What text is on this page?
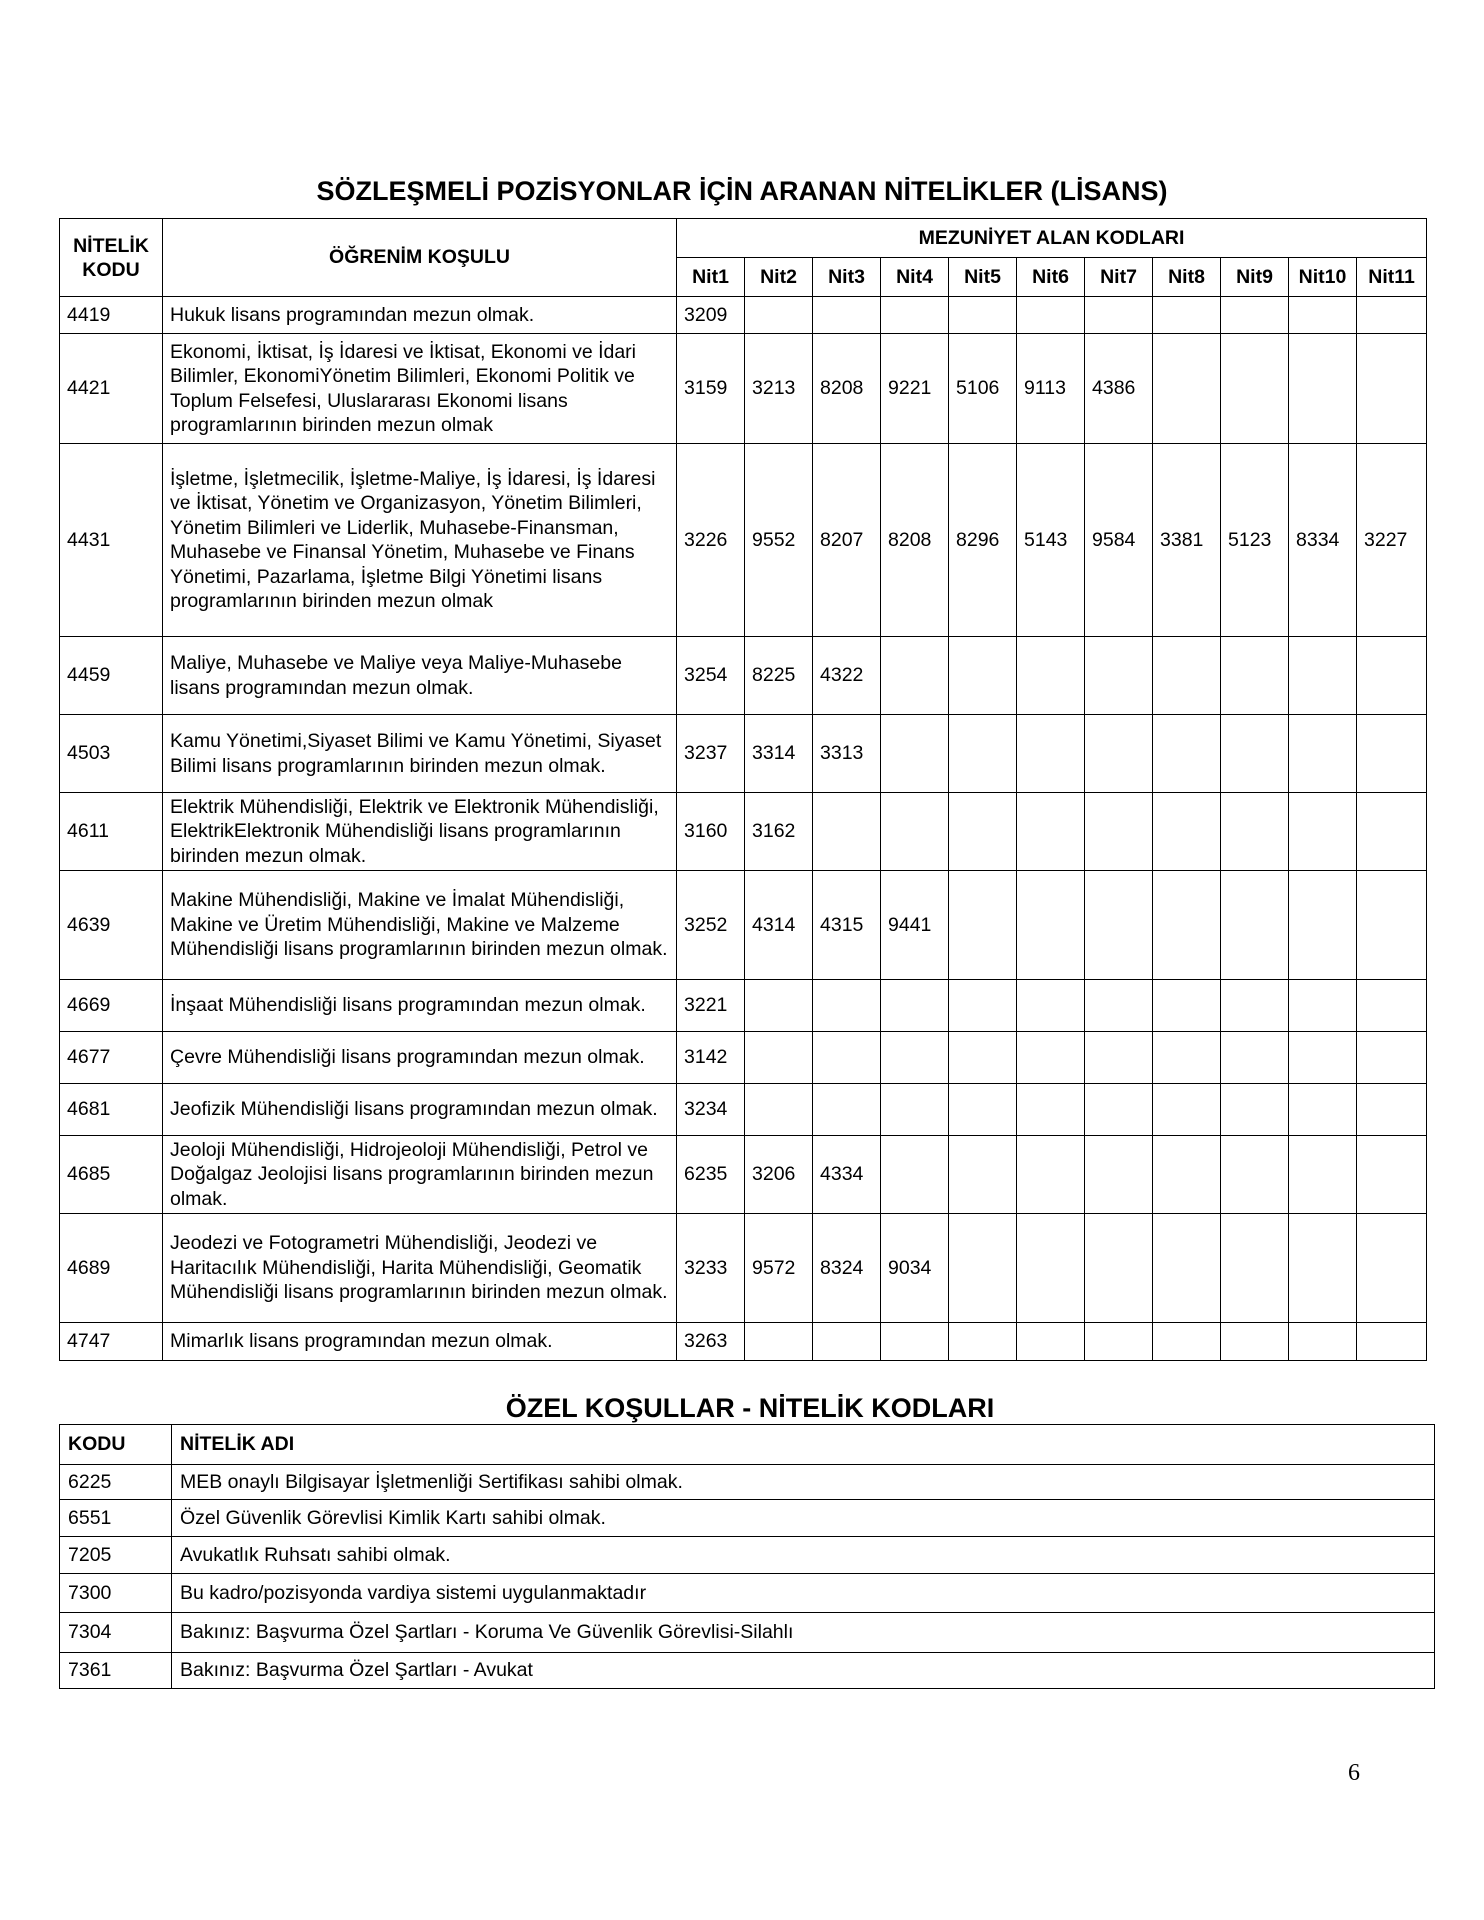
SÖZLEŞMELİ POZİSYONLAR İÇİN ARANAN NİTELİKLER (LİSANS)
NİTELİK
KODU	ÖĞRENİM KOŞULU	MEZUNİYET ALAN KODLARI										
		Nit1	Nit2	Nit3	Nit4	Nit5	Nit6	Nit7	Nit8	Nit9	Nit10	Nit11
4419	Hukuk lisans programından mezun olmak.	3209										
4421	Ekonomi, İktisat, İş İdaresi ve İktisat, Ekonomi ve İdari Bilimler, EkonomiYönetim Bilimleri, Ekonomi Politik ve Toplum Felsefesi, Uluslararası Ekonomi lisans programlarının birinden mezun olmak	3159	3213	8208	9221	5106	9113	4386				
4431	İşletme, İşletmecilik, İşletme-Maliye, İş İdaresi, İş İdaresi ve İktisat, Yönetim ve Organizasyon, Yönetim Bilimleri, Yönetim Bilimleri ve Liderlik, Muhasebe-Finansman, Muhasebe ve Finansal Yönetim, Muhasebe ve Finans Yönetimi, Pazarlama, İşletme Bilgi Yönetimi lisans programlarının birinden mezun olmak	3226	9552	8207	8208	8296	5143	9584	3381	5123	8334	3227
4459	Maliye, Muhasebe ve Maliye veya Maliye-Muhasebe lisans programından mezun olmak.	3254	8225	4322								
4503	Kamu Yönetimi,Siyaset Bilimi ve Kamu Yönetimi, Siyaset Bilimi lisans programlarının birinden mezun olmak.	3237	3314	3313								
4611	Elektrik Mühendisliği, Elektrik ve Elektronik Mühendisliği, ElektrikElektronik Mühendisliği lisans programlarının birinden mezun olmak.	3160	3162									
4639	Makine Mühendisliği, Makine ve İmalat Mühendisliği, Makine ve Üretim Mühendisliği, Makine ve Malzeme Mühendisliği lisans programlarının birinden mezun olmak.	3252	4314	4315	9441							
4669	İnşaat Mühendisliği lisans programından mezun olmak.	3221										
4677	Çevre Mühendisliği lisans programından mezun olmak.	3142										
4681	Jeofizik Mühendisliği lisans programından mezun olmak.	3234										
4685	Jeoloji Mühendisliği, Hidrojeoloji Mühendisliği, Petrol ve Doğalgaz Jeolojisi lisans programlarının birinden mezun olmak.	6235	3206	4334								
4689	Jeodezi ve Fotogrametri Mühendisliği, Jeodezi ve Haritacılık Mühendisliği, Harita Mühendisliği, Geomatik Mühendisliği lisans programlarının birinden mezun olmak.	3233	9572	8324	9034							
4747	Mimarlık lisans programından mezun olmak.	3263										
ÖZEL KOŞULLAR - NİTELİK KODLARI
KODU	NİTELİK ADI
6225	MEB onaylı Bilgisayar İşletmenliği Sertifikası sahibi olmak.
6551	Özel Güvenlik Görevlisi Kimlik Kartı sahibi olmak.
7205	Avukatlık Ruhsatı sahibi olmak.
7300	Bu kadro/pozisyonda vardiya sistemi uygulanmaktadır
7304	Bakınız: Başvurma Özel Şartları - Koruma Ve Güvenlik Görevlisi-Silahlı
7361	Bakınız: Başvurma Özel Şartları - Avukat
6
